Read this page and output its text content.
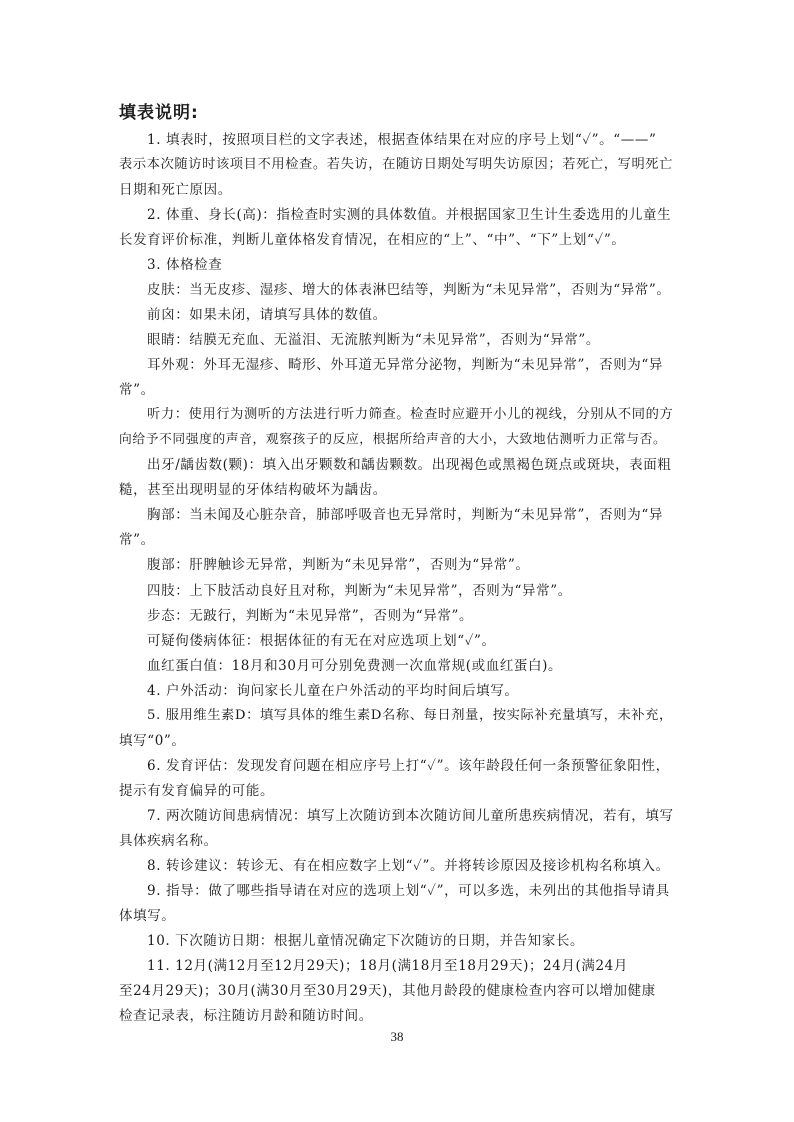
填表说明:
1. 填表时，按照项目栏的文字表述，根据查体结果在对应的序号上划“✓”。“——”
表示本次随访时该项目不用检查。若失访，在随访日期处写明失访原因；若死亡，写明死亡
日期和死亡原因。
2. 体重、身长(高)：指检查时实测的具体数值。并根据国家卫生计生委选用的儿童生
长发育评价标准，判断儿童体格发育情况，在相应的“上”、“中”、“下”上划“✓”。
3. 体格检查
皮肤：当无皮疹、湿疹、增大的体表淋巴结等，判断为“未见异常”，否则为“异常”。
前囟：如果未闭，请填写具体的数值。
眼睛：结膜无充血、无溢泪、无流脓判断为“未见异常”，否则为“异常”。
耳外观：外耳无湿疹、畸形、外耳道无异常分泌物，判断为“未见异常”，否则为“异
常”。
听力：使用行为测听的方法进行听力筛查。检查时应避开小儿的视线，分别从不同的方
向给予不同强度的声音，观察孩子的反应，根据所给声音的大小，大致地估测听力正常与否。
出牙/龋齿数(颗)：填入出牙颗数和龋齿颗数。出现褐色或黑褐色斑点或斑块，表面粗
糙，甚至出现明显的牙体结构破坏为龋齿。
胸部：当未闻及心脏杂音，肺部呼吸音也无异常时，判断为“未见异常”，否则为“异
常”。
腹部：肝脾触诊无异常，判断为“未见异常”，否则为“异常”。
四肢：上下肢活动良好且对称，判断为“未见异常”，否则为“异常”。
步态：无跛行，判断为“未见异常”，否则为“异常”。
可疑佝偻病体征：根据体征的有无在对应选项上划“✓”。
血红蛋白值：18月和30月可分别免费测一次血常规(或血红蛋白)。
4. 户外活动：询问家长儿童在户外活动的平均时间后填写。
5. 服用维生素D：填写具体的维生素D名称、每日剂量，按实际补充量填写，未补充，
填写“0”。
6. 发育评估：发现发育问题在相应序号上打“✓”。该年龄段任何一条预警征象阳性，
提示有发育偏异的可能。
7. 两次随访间患病情况：填写上次随访到本次随访间儿童所患疾病情况，若有，填写
具体疾病名称。
8. 转诊建议：转诊无、有在相应数字上划“✓”。并将转诊原因及接诊机构名称填入。
9. 指导：做了哪些指导请在对应的选项上划“✓”，可以多选，未列出的其他指导请具
体填写。
10. 下次随访日期：根据儿童情况确定下次随访的日期，并告知家长。
11. 12月(满12月至12月29天)；18月(满18月至18月29天)；24月(满24月
至24月29天)；30月(满30月至30月29天)，其他月龄段的健康检查内容可以增加健康
检查记录表，标注随访月龄和随访时间。
38
